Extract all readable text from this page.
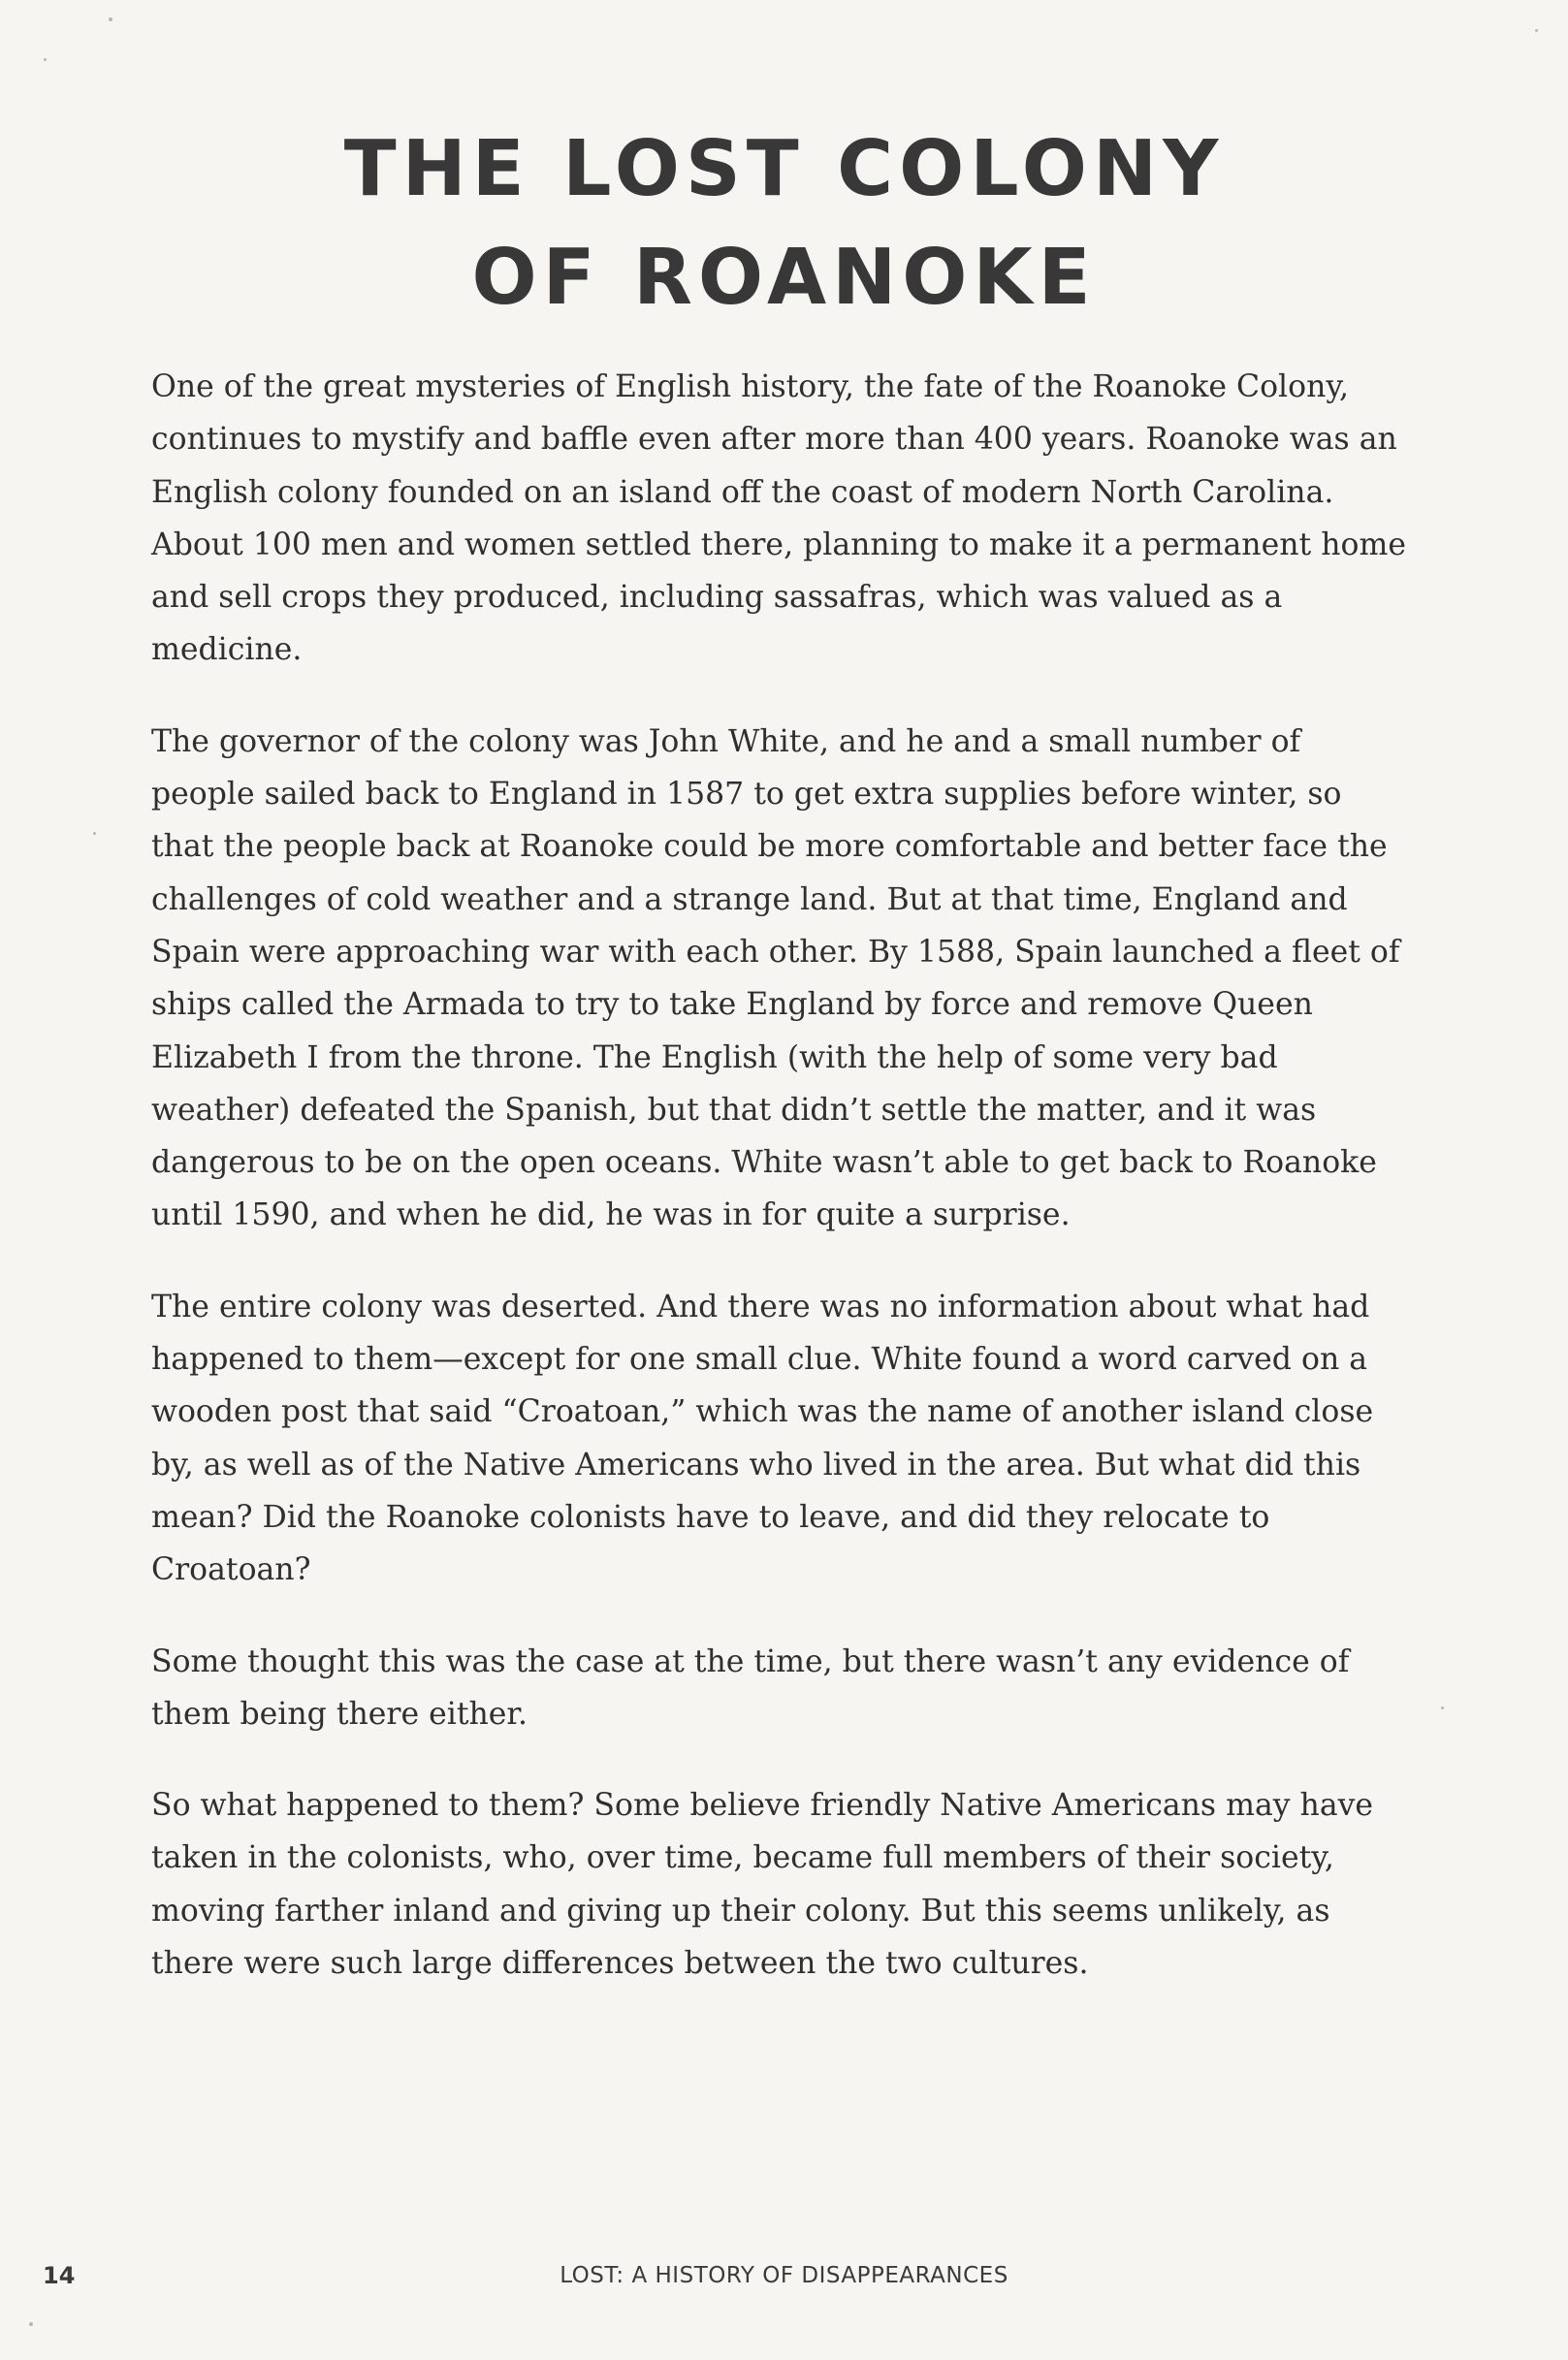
THE LOST COLONY
OF ROANOKE

One of the great mysteries of English history, the fate of the Roanoke Colony, continues to mystify and baffle even after more than 400 years. Roanoke was an English colony founded on an island off the coast of modern North Carolina. About 100 men and women settled there, planning to make it a permanent home and sell crops they produced, including sassafras, which was valued as a medicine.

The governor of the colony was John White, and he and a small number of people sailed back to England in 1587 to get extra supplies before winter, so that the people back at Roanoke could be more comfortable and better face the challenges of cold weather and a strange land. But at that time, England and Spain were approaching war with each other. By 1588, Spain launched a fleet of ships called the Armada to try to take England by force and remove Queen Elizabeth I from the throne. The English (with the help of some very bad weather) defeated the Spanish, but that didn’t settle the matter, and it was dangerous to be on the open oceans. White wasn’t able to get back to Roanoke until 1590, and when he did, he was in for quite a surprise.

The entire colony was deserted. And there was no information about what had happened to them—except for one small clue. White found a word carved on a wooden post that said “Croatoan,” which was the name of another island close by, as well as of the Native Americans who lived in the area. But what did this mean? Did the Roanoke colonists have to leave, and did they relocate to Croatoan?

Some thought this was the case at the time, but there wasn’t any evidence of them being there either.

So what happened to them? Some believe friendly Native Americans may have taken in the colonists, who, over time, became full members of their society, moving farther inland and giving up their colony. But this seems unlikely, as there were such large differences between the two cultures.

14	LOST: A HISTORY OF DISAPPEARANCES
